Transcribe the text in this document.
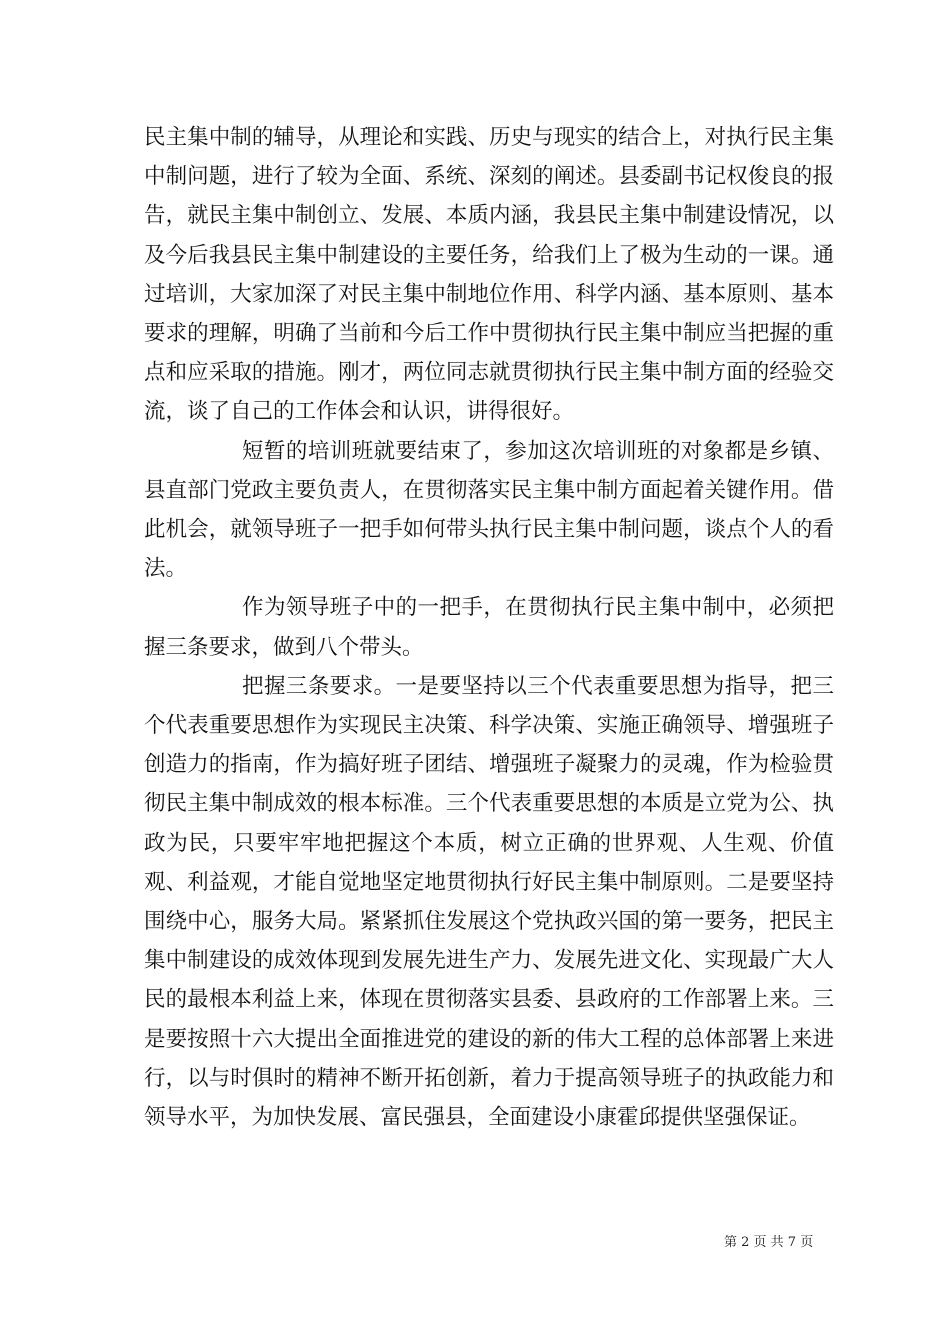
民主集中制的辅导，从理论和实践、历史与现实的结合上，对执行民主集中制问题，进行了较为全面、系统、深刻的阐述。县委副书记权俊良的报告，就民主集中制创立、发展、本质内涵，我县民主集中制建设情况，以及今后我县民主集中制建设的主要任务，给我们上了极为生动的一课。通过培训，大家加深了对民主集中制地位作用、科学内涵、基本原则、基本要求的理解，明确了当前和今后工作中贯彻执行民主集中制应当把握的重点和应采取的措施。刚才，两位同志就贯彻执行民主集中制方面的经验交流，谈了自己的工作体会和认识，讲得很好。

短暂的培训班就要结束了，参加这次培训班的对象都是乡镇、县直部门党政主要负责人，在贯彻落实民主集中制方面起着关键作用。借此机会，就领导班子一把手如何带头执行民主集中制问题，谈点个人的看法。

作为领导班子中的一把手，在贯彻执行民主集中制中，必须把握三条要求，做到八个带头。

把握三条要求。一是要坚持以三个代表重要思想为指导，把三个代表重要思想作为实现民主决策、科学决策、实施正确领导、增强班子创造力的指南，作为搞好班子团结、增强班子凝聚力的灵魂，作为检验贯彻民主集中制成效的根本标准。三个代表重要思想的本质是立党为公、执政为民，只要牢牢地把握这个本质，树立正确的世界观、人生观、价值观、利益观，才能自觉地坚定地贯彻执行好民主集中制原则。二是要坚持围绕中心，服务大局。紧紧抓住发展这个党执政兴国的第一要务，把民主集中制建设的成效体现到发展先进生产力、发展先进文化、实现最广大人民的最根本利益上来，体现在贯彻落实县委、县政府的工作部署上来。三是要按照十六大提出全面推进党的建设的新的伟大工程的总体部署上来进行，以与时俱时的精神不断开拓创新，着力于提高领导班子的执政能力和领导水平，为加快发展、富民强县，全面建设小康霍邱提供坚强保证。

第 2 页 共 7 页
